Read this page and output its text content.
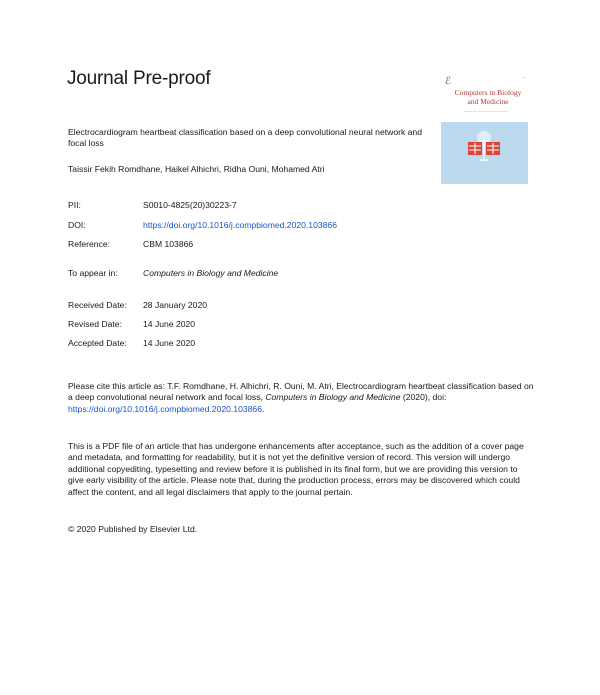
Journal Pre-proof	ℰ	-.-
Computers in Biology and Medicine
— — — — — — — — — —
Electrocardiogram heartbeat classification based on a deep convolutional neural network and focal loss
Taissir Fekih Romdhane, Haikel Alhichri, Ridha Ouni, Mohamed Atri
PII:	S0010-4825(20)30223-7
DOI:	https://doi.org/10.1016/j.compbiomed.2020.103866
Reference:	CBM 103866
To appear in:	Computers in Biology and Medicine
Received Date: 28 January 2020
Revised Date: 14 June 2020
Accepted Date: 14 June 2020
Please cite this article as: T.F. Romdhane, H. Alhichri, R. Ouni, M. Atri, Electrocardiogram heartbeat classification based on a deep convolutional neural network and focal loss, Computers in Biology and Medicine (2020), doi: https://doi.org/10.1016/j.compbiomed.2020.103866.
This is a PDF file of an article that has undergone enhancements after acceptance, such as the addition of a cover page and metadata, and formatting for readability, but it is not yet the definitive version of record. This version will undergo additional copyediting, typesetting and review before it is published in its final form, but we are providing this version to give early visibility of the article. Please note that, during the production process, errors may be discovered which could affect the content, and all legal disclaimers that apply to the journal pertain.
© 2020 Published by Elsevier Ltd.
